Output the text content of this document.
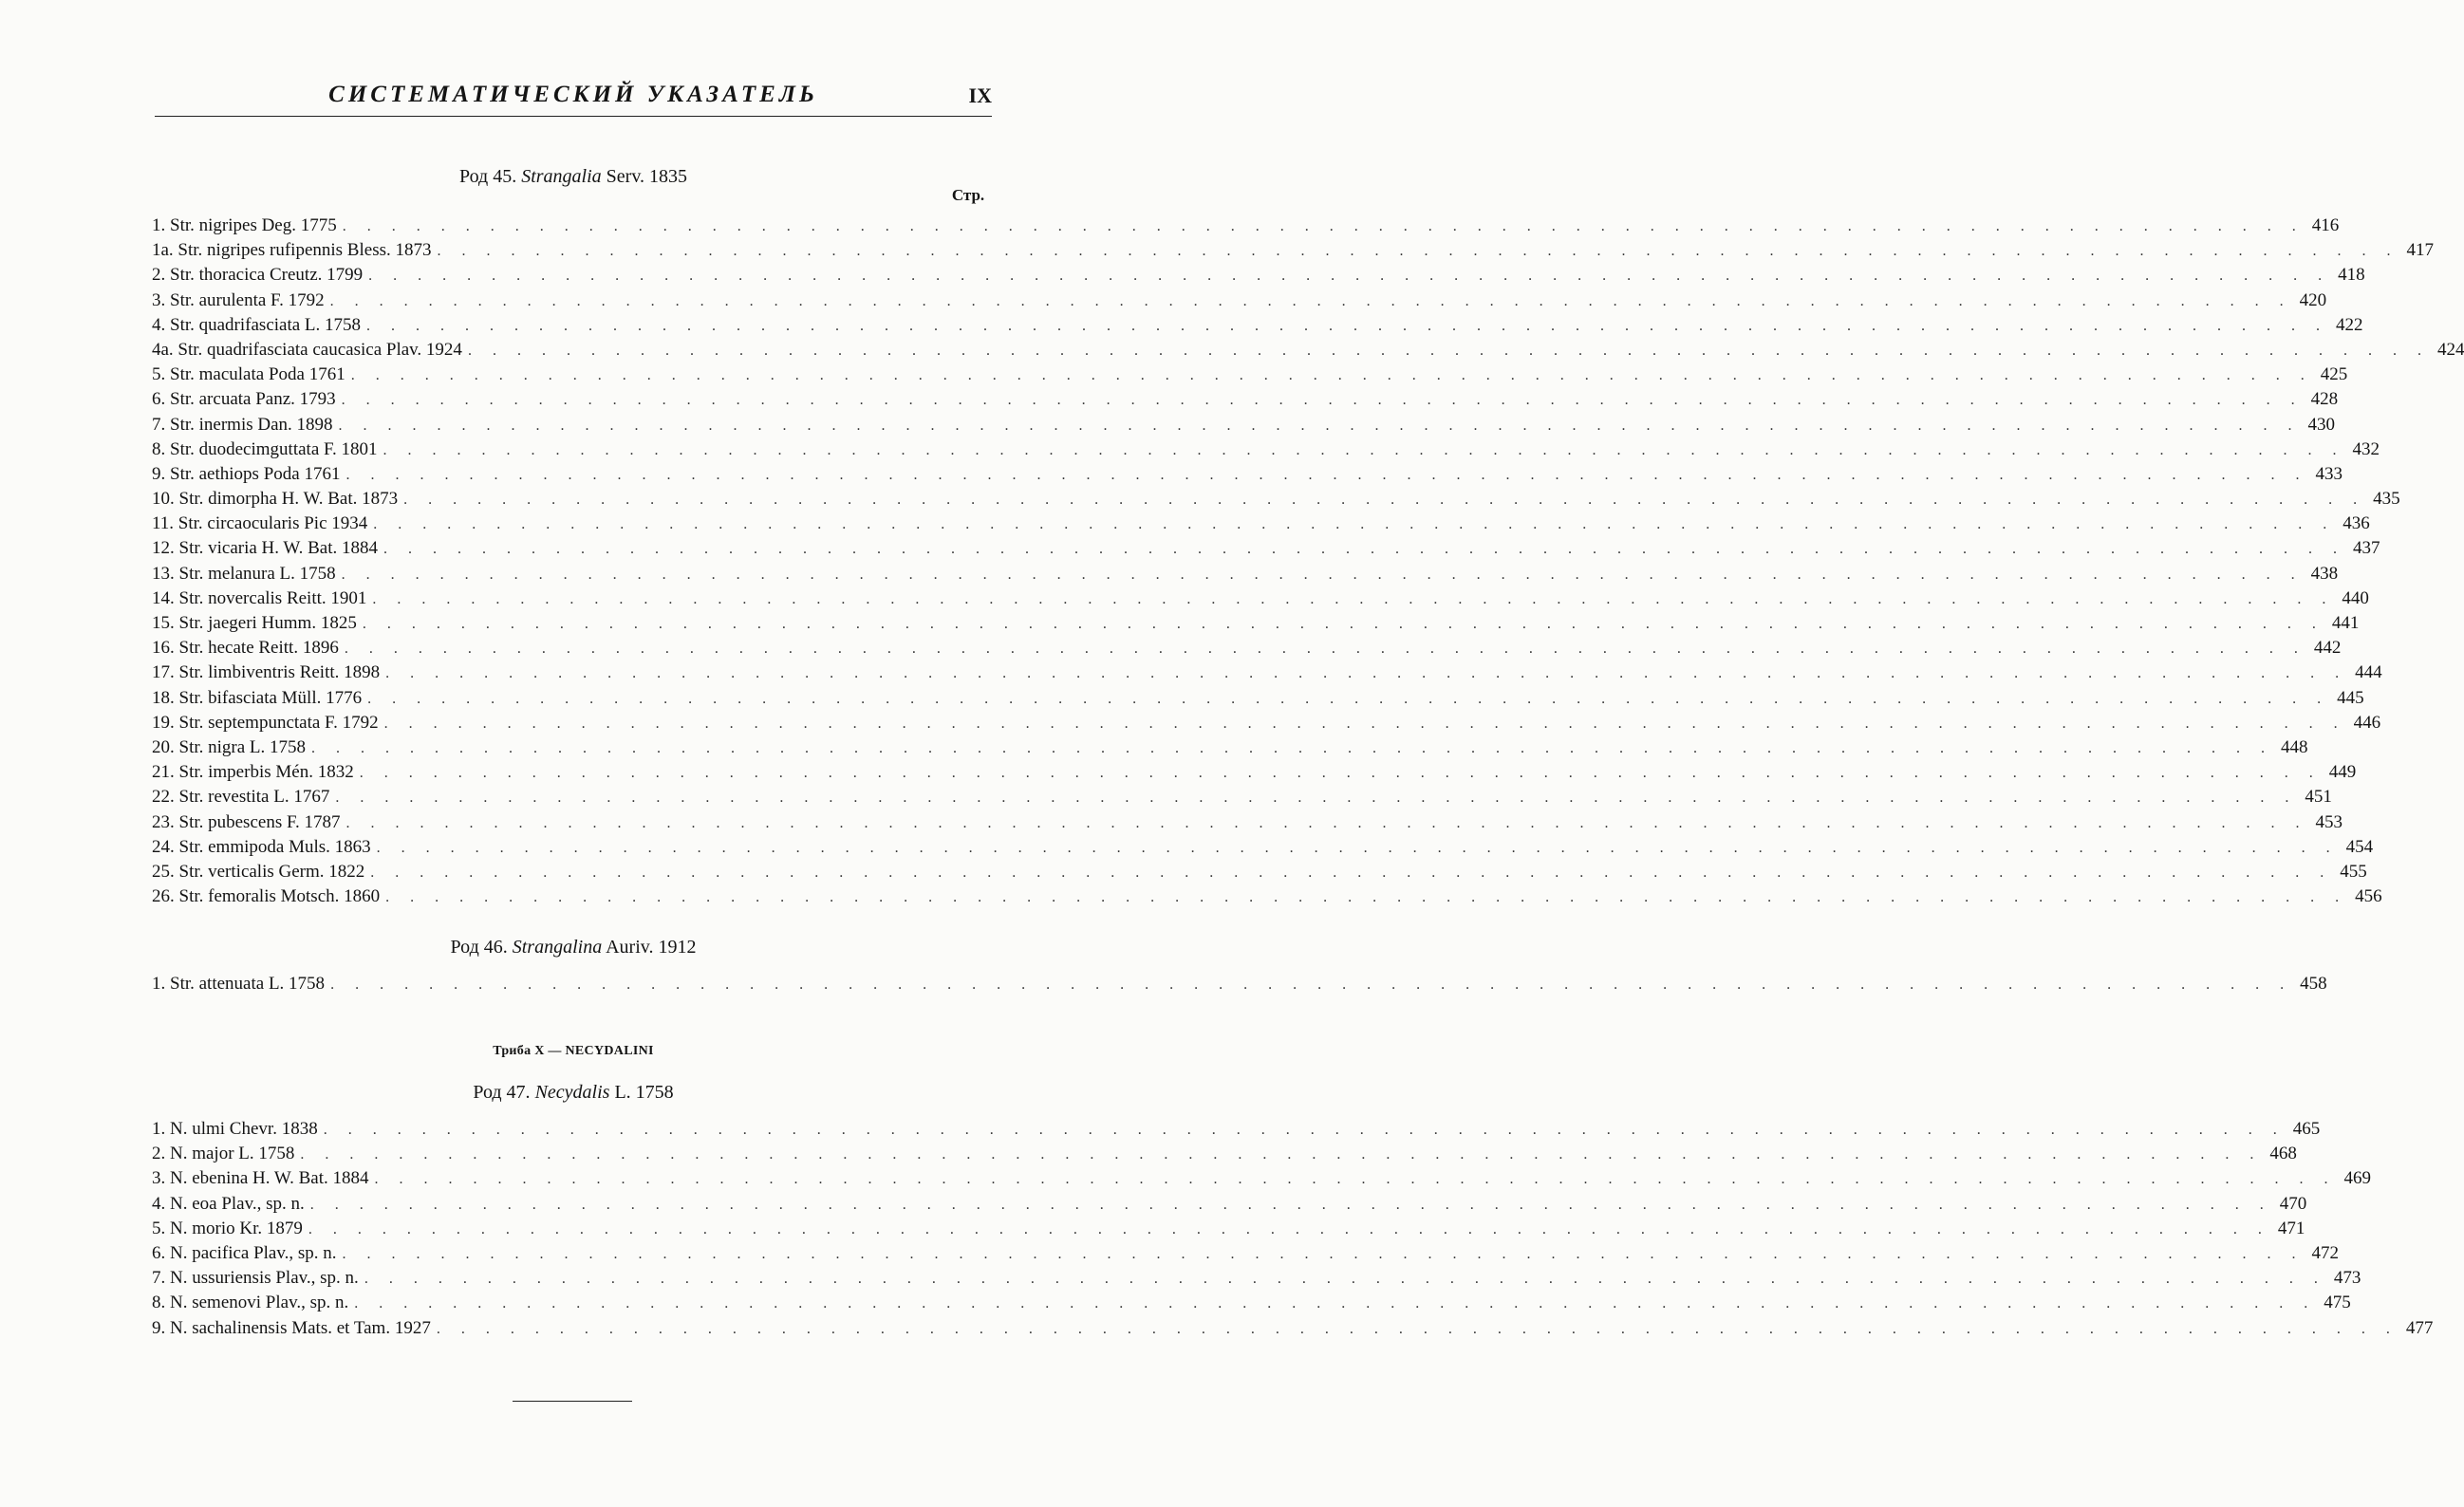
СИСТЕМАТИЧЕСКИЙ УКАЗАТЕЛЬ	IX
Род 45. Strangalia Serv. 1835
Стр.
1. Str. nigripes Deg. 1775 . . . . . . . . . . . . . . . . . . . . . . . . . . . . . . . . . . . . . . . . . . . . . . . . . . . . . . . . . . . . . . . . . . . . . . . . . . . . . . . . 416
1a. Str. nigripes rufipennis Bless. 1873 . . . . . . . . . . . . . . . . . . . . . . . . . . . . . . . . . . . . . . . . . . . . . . . . . . . . . . . . . . . . . . . . . . . . . . . . . . . . . . . . 417
2. Str. thoracica Creutz. 1799 . . . . . . . . . . . . . . . . . . . . . . . . . . . . . . . . . . . . . . . . . . . . . . . . . . . . . . . . . . . . . . . . . . . . . . . . . . . . . . . . 418
3. Str. aurulenta F. 1792 . . . . . . . . . . . . . . . . . . . . . . . . . . . . . . . . . . . . . . . . . . . . . . . . . . . . . . . . . . . . . . . . . . . . . . . . . . . . . . . . 420
4. Str. quadrifasciata L. 1758 . . . . . . . . . . . . . . . . . . . . . . . . . . . . . . . . . . . . . . . . . . . . . . . . . . . . . . . . . . . . . . . . . . . . . . . . . . . . . . . . 422
4a. Str. quadrifasciata caucasica Plav. 1924 . . . . . . . . . . . . . . . . . . . . . . . . . . . . . . . . . . . . . . . . . . . . . . . . . . . . . . . . . . . . . . . . . . . . . . . . . . . . . . . . 424
5. Str. maculata Poda 1761 . . . . . . . . . . . . . . . . . . . . . . . . . . . . . . . . . . . . . . . . . . . . . . . . . . . . . . . . . . . . . . . . . . . . . . . . . . . . . . . . 425
6. Str. arcuata Panz. 1793 . . . . . . . . . . . . . . . . . . . . . . . . . . . . . . . . . . . . . . . . . . . . . . . . . . . . . . . . . . . . . . . . . . . . . . . . . . . . . . . . 428
7. Str. inermis Dan. 1898 . . . . . . . . . . . . . . . . . . . . . . . . . . . . . . . . . . . . . . . . . . . . . . . . . . . . . . . . . . . . . . . . . . . . . . . . . . . . . . . . 430
8. Str. duodecimguttata F. 1801 . . . . . . . . . . . . . . . . . . . . . . . . . . . . . . . . . . . . . . . . . . . . . . . . . . . . . . . . . . . . . . . . . . . . . . . . . . . . . . . . 432
9. Str. aethiops Poda 1761 . . . . . . . . . . . . . . . . . . . . . . . . . . . . . . . . . . . . . . . . . . . . . . . . . . . . . . . . . . . . . . . . . . . . . . . . . . . . . . . . 433
10. Str. dimorpha H. W. Bat. 1873 . . . . . . . . . . . . . . . . . . . . . . . . . . . . . . . . . . . . . . . . . . . . . . . . . . . . . . . . . . . . . . . . . . . . . . . . . . . . . . . . 435
11. Str. circaocularis Pic 1934 . . . . . . . . . . . . . . . . . . . . . . . . . . . . . . . . . . . . . . . . . . . . . . . . . . . . . . . . . . . . . . . . . . . . . . . . . . . . . . . . 436
12. Str. vicaria H. W. Bat. 1884 . . . . . . . . . . . . . . . . . . . . . . . . . . . . . . . . . . . . . . . . . . . . . . . . . . . . . . . . . . . . . . . . . . . . . . . . . . . . . . . . 437
13. Str. melanura L. 1758 . . . . . . . . . . . . . . . . . . . . . . . . . . . . . . . . . . . . . . . . . . . . . . . . . . . . . . . . . . . . . . . . . . . . . . . . . . . . . . . . 438
14. Str. novercalis Reitt. 1901 . . . . . . . . . . . . . . . . . . . . . . . . . . . . . . . . . . . . . . . . . . . . . . . . . . . . . . . . . . . . . . . . . . . . . . . . . . . . . . . . 440
15. Str. jaegeri Humm. 1825 . . . . . . . . . . . . . . . . . . . . . . . . . . . . . . . . . . . . . . . . . . . . . . . . . . . . . . . . . . . . . . . . . . . . . . . . . . . . . . . . 441
16. Str. hecate Reitt. 1896 . . . . . . . . . . . . . . . . . . . . . . . . . . . . . . . . . . . . . . . . . . . . . . . . . . . . . . . . . . . . . . . . . . . . . . . . . . . . . . . . 442
17. Str. limbiventris Reitt. 1898 . . . . . . . . . . . . . . . . . . . . . . . . . . . . . . . . . . . . . . . . . . . . . . . . . . . . . . . . . . . . . . . . . . . . . . . . . . . . . . . . 444
18. Str. bifasciata Müll. 1776 . . . . . . . . . . . . . . . . . . . . . . . . . . . . . . . . . . . . . . . . . . . . . . . . . . . . . . . . . . . . . . . . . . . . . . . . . . . . . . . . 445
19. Str. septempunctata F. 1792 . . . . . . . . . . . . . . . . . . . . . . . . . . . . . . . . . . . . . . . . . . . . . . . . . . . . . . . . . . . . . . . . . . . . . . . . . . . . . . . . 446
20. Str. nigra L. 1758 . . . . . . . . . . . . . . . . . . . . . . . . . . . . . . . . . . . . . . . . . . . . . . . . . . . . . . . . . . . . . . . . . . . . . . . . . . . . . . . . 448
21. Str. imperbis Mén. 1832 . . . . . . . . . . . . . . . . . . . . . . . . . . . . . . . . . . . . . . . . . . . . . . . . . . . . . . . . . . . . . . . . . . . . . . . . . . . . . . . . 449
22. Str. revestita L. 1767 . . . . . . . . . . . . . . . . . . . . . . . . . . . . . . . . . . . . . . . . . . . . . . . . . . . . . . . . . . . . . . . . . . . . . . . . . . . . . . . . 451
23. Str. pubescens F. 1787 . . . . . . . . . . . . . . . . . . . . . . . . . . . . . . . . . . . . . . . . . . . . . . . . . . . . . . . . . . . . . . . . . . . . . . . . . . . . . . . . 453
24. Str. emmipoda Muls. 1863 . . . . . . . . . . . . . . . . . . . . . . . . . . . . . . . . . . . . . . . . . . . . . . . . . . . . . . . . . . . . . . . . . . . . . . . . . . . . . . . . 454
25. Str. verticalis Germ. 1822 . . . . . . . . . . . . . . . . . . . . . . . . . . . . . . . . . . . . . . . . . . . . . . . . . . . . . . . . . . . . . . . . . . . . . . . . . . . . . . . . 455
26. Str. femoralis Motsch. 1860 . . . . . . . . . . . . . . . . . . . . . . . . . . . . . . . . . . . . . . . . . . . . . . . . . . . . . . . . . . . . . . . . . . . . . . . . . . . . . . . . 456
Род 46. Strangalina Auriv. 1912
1. Str. attenuata L. 1758 . . . . . . . . . . . . . . . . . . . . . . . . . . . . . . . . . . . . . . . . . . . . . . . . . . . . . . . . . . . . . . . . . . . . . . . . . . . . . . . . 458
Триба X — NECYDALINI
Род 47. Necydalis L. 1758
1. N. ulmi Chevr. 1838 . . . . . . . . . . . . . . . . . . . . . . . . . . . . . . . . . . . . . . . . . . . . . . . . . . . . . . . . . . . . . . . . . . . . . . . . . . . . . . . . 465
2. N. major L. 1758 . . . . . . . . . . . . . . . . . . . . . . . . . . . . . . . . . . . . . . . . . . . . . . . . . . . . . . . . . . . . . . . . . . . . . . . . . . . . . . . . 468
3. N. ebenina H. W. Bat. 1884 . . . . . . . . . . . . . . . . . . . . . . . . . . . . . . . . . . . . . . . . . . . . . . . . . . . . . . . . . . . . . . . . . . . . . . . . . . . . . . . . 469
4. N. eoa Plav., sp. n. . . . . . . . . . . . . . . . . . . . . . . . . . . . . . . . . . . . . . . . . . . . . . . . . . . . . . . . . . . . . . . . . . . . . . . . . . . . . . . . . 470
5. N. morio Kr. 1879 . . . . . . . . . . . . . . . . . . . . . . . . . . . . . . . . . . . . . . . . . . . . . . . . . . . . . . . . . . . . . . . . . . . . . . . . . . . . . . . . 471
6. N. pacifica Plav., sp. n. . . . . . . . . . . . . . . . . . . . . . . . . . . . . . . . . . . . . . . . . . . . . . . . . . . . . . . . . . . . . . . . . . . . . . . . . . . . . . . . . 472
7. N. ussuriensis Plav., sp. n. . . . . . . . . . . . . . . . . . . . . . . . . . . . . . . . . . . . . . . . . . . . . . . . . . . . . . . . . . . . . . . . . . . . . . . . . . . . . . . . . 473
8. N. semenovi Plav., sp. n. . . . . . . . . . . . . . . . . . . . . . . . . . . . . . . . . . . . . . . . . . . . . . . . . . . . . . . . . . . . . . . . . . . . . . . . . . . . . . . . . 475
9. N. sachalinensis Mats. et Tam. 1927 . . . . . . . . . . . . . . . . . . . . . . . . . . . . . . . . . . . . . . . . . . . . . . . . . . . . . . . . . . . . . . . . . . . . . . . . . . . . . . . . 477
